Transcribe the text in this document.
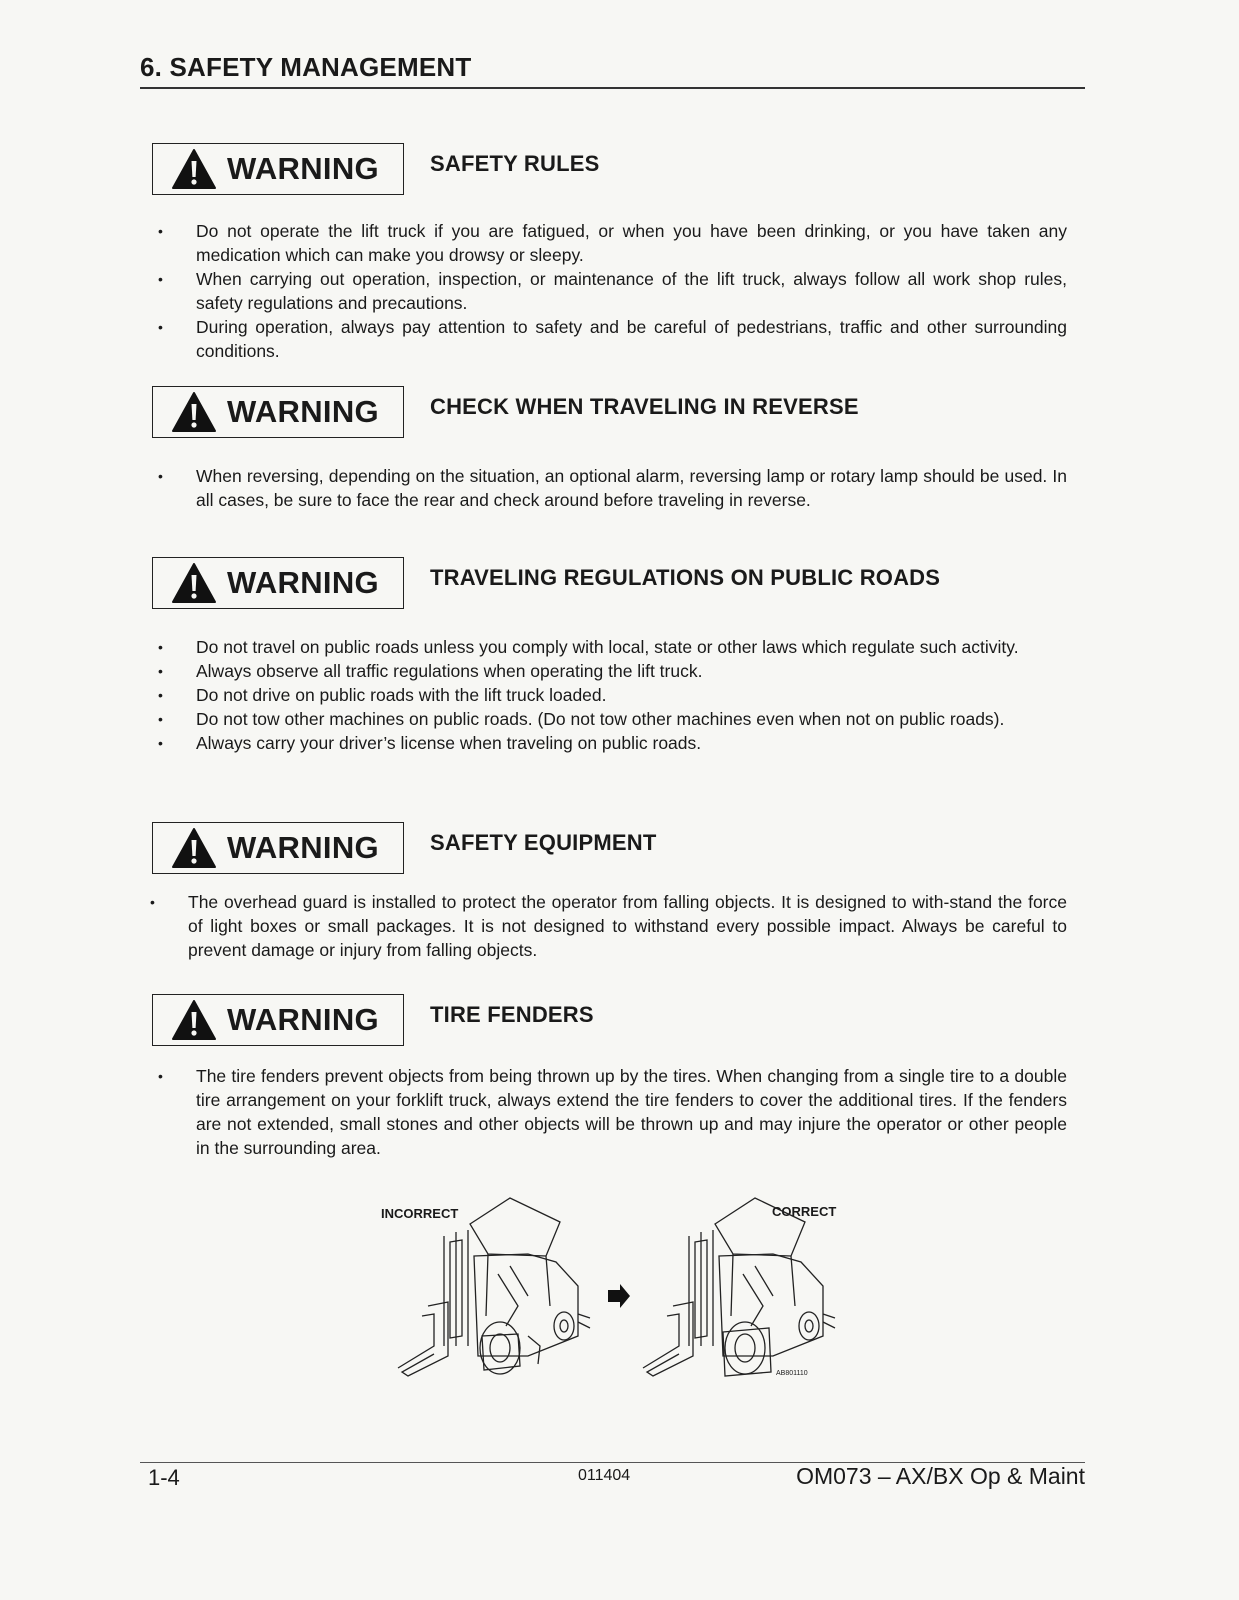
6. SAFETY MANAGEMENT
WARNING SAFETY RULES
• Do not operate the lift truck if you are fatigued, or when you have been drinking, or you have taken any medication which can make you drowsy or sleepy.
• When carrying out operation, inspection, or maintenance of the lift truck, always follow all work shop rules, safety regulations and precautions.
• During operation, always pay attention to safety and be careful of pedestrians, traffic and other surrounding conditions.
WARNING CHECK WHEN TRAVELING IN REVERSE
• When reversing, depending on the situation, an optional alarm, reversing lamp or rotary lamp should be used. In all cases, be sure to face the rear and check around before traveling in reverse.
WARNING TRAVELING REGULATIONS ON PUBLIC ROADS
• Do not travel on public roads unless you comply with local, state or other laws which regulate such activity.
• Always observe all traffic regulations when operating the lift truck.
• Do not drive on public roads with the lift truck loaded.
• Do not tow other machines on public roads. (Do not tow other machines even when not on public roads).
• Always carry your driver’s license when traveling on public roads.
WARNING SAFETY EQUIPMENT
• The overhead guard is installed to protect the operator from falling objects. It is designed to with-stand the force of light boxes or small packages. It is not designed to withstand every possible impact. Always be careful to prevent damage or injury from falling objects.
WARNING TIRE FENDERS
• The tire fenders prevent objects from being thrown up by the tires. When changing from a single tire to a double tire arrangement on your forklift truck, always extend the tire fenders to cover the additional tires. If the fenders are not extended, small stones and other objects will be thrown up and may injure the operator or other people in the surrounding area.
INCORRECT	CORRECT
AB801110
1-4	011404	OM073 – AX/BX Op & Maint
